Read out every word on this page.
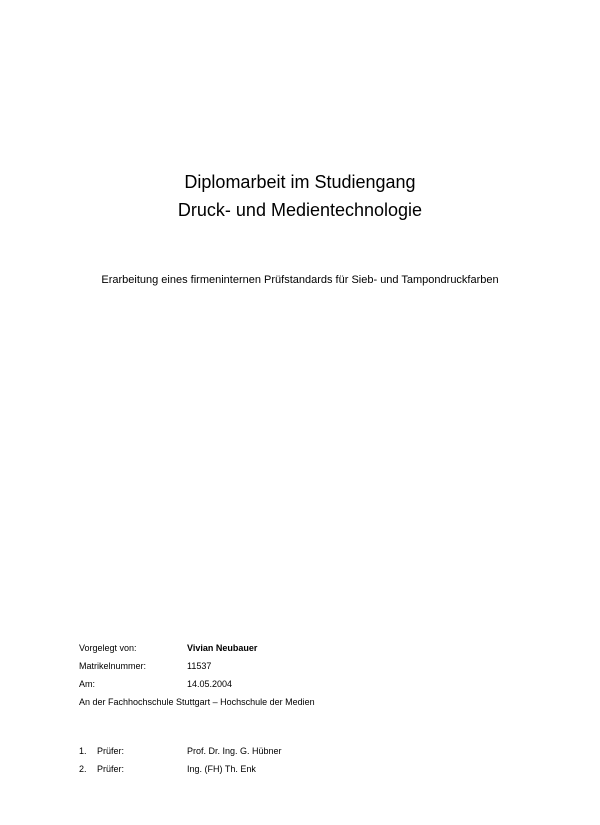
Diplomarbeit im Studiengang
Druck- und Medientechnologie
Erarbeitung eines firmeninternen Prüfstandards für Sieb- und Tampondruckfarben
Vorgelegt von:	Vivian Neubauer
Matrikelnummer:	11537
Am:	14.05.2004
An der Fachhochschule Stuttgart – Hochschule der Medien
1. Prüfer:	Prof. Dr. Ing. G. Hübner
2. Prüfer:	Ing. (FH) Th. Enk
